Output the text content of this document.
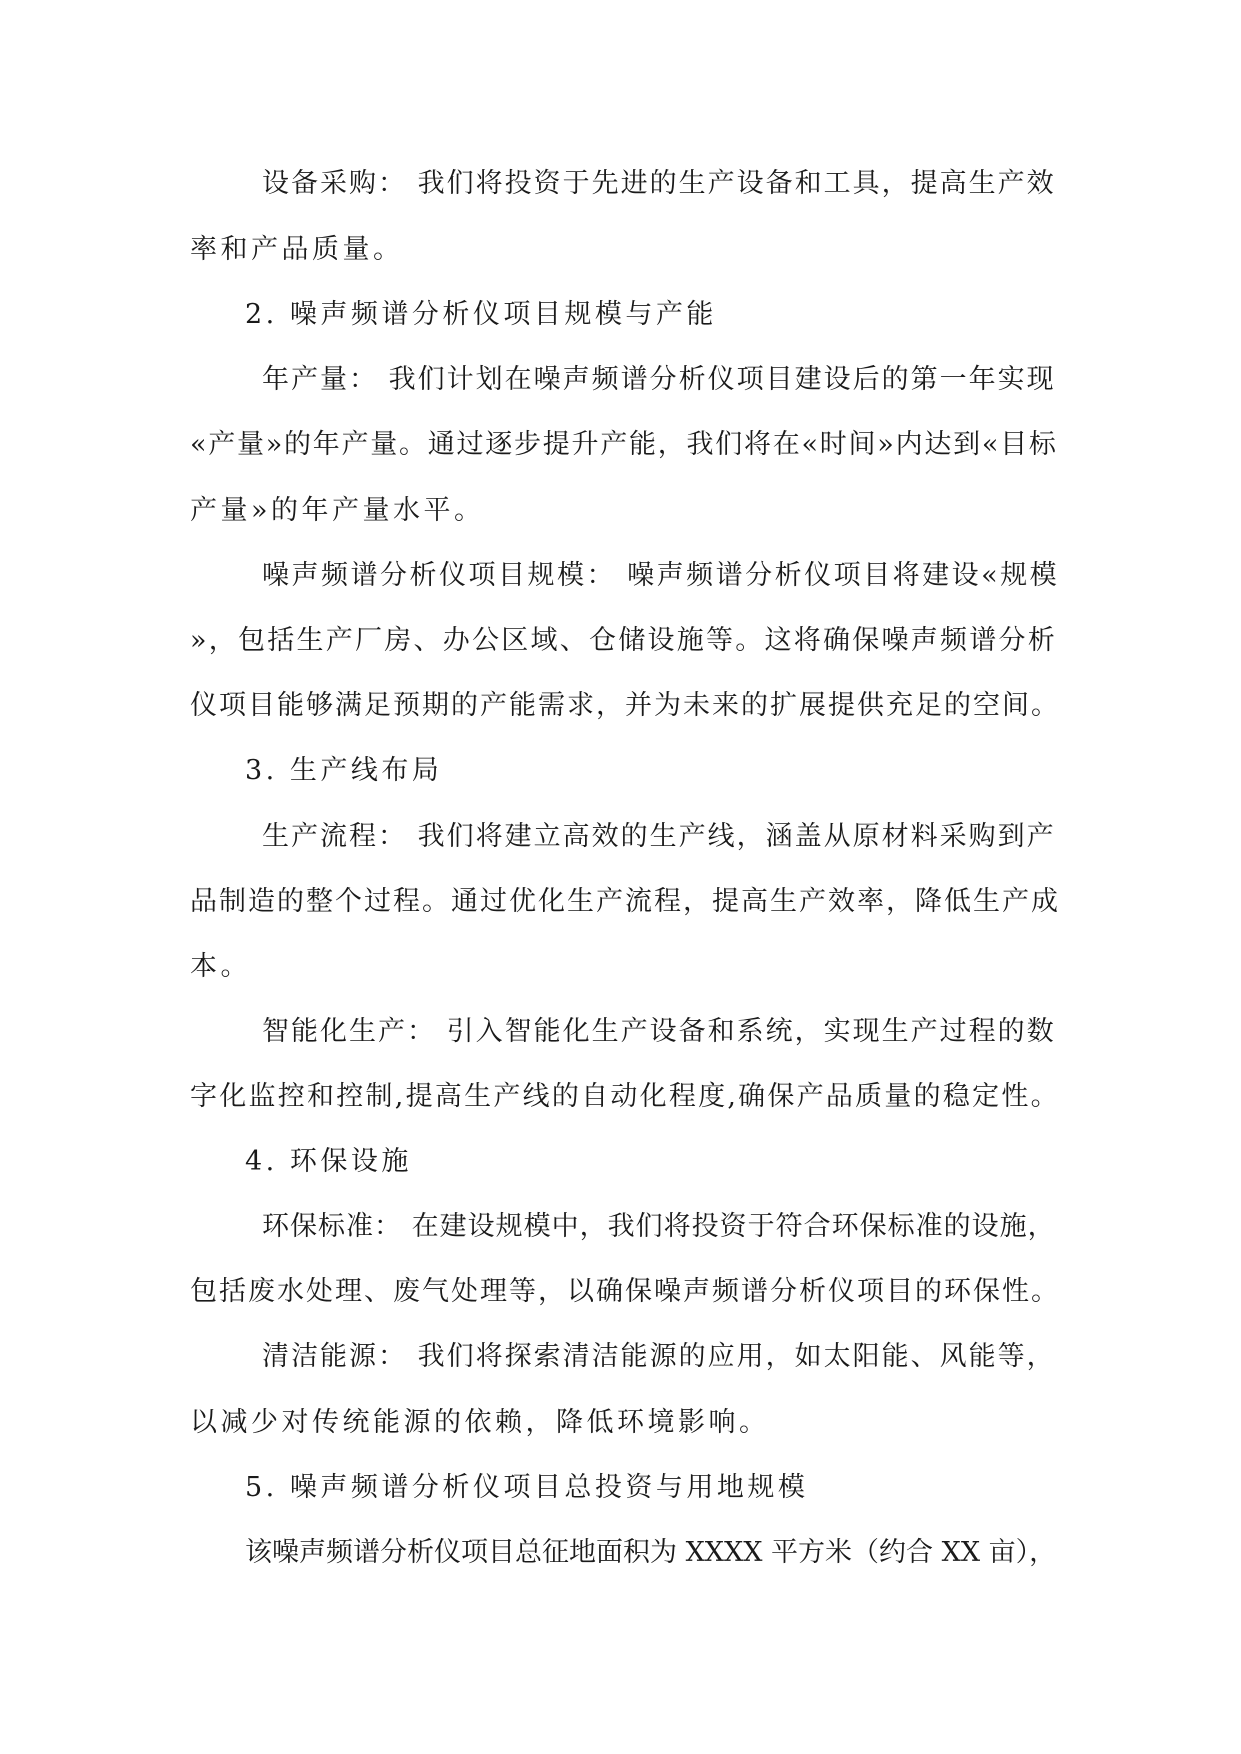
设备采购： 我们将投资于先进的生产设备和工具，提高生产效
率和产品质量。
2. 噪声频谱分析仪项目规模与产能
年产量： 我们计划在噪声频谱分析仪项目建设后的第一年实现
«产量»的年产量。通过逐步提升产能，我们将在«时间»内达到«目标
产量»的年产量水平。
噪声频谱分析仪项目规模： 噪声频谱分析仪项目将建设«规模
»，包括生产厂房、办公区域、仓储设施等。这将确保噪声频谱分析
仪项目能够满足预期的产能需求，并为未来的扩展提供充足的空间。
3. 生产线布局
生产流程： 我们将建立高效的生产线，涵盖从原材料采购到产
品制造的整个过程。通过优化生产流程，提高生产效率，降低生产成
本。
智能化生产： 引入智能化生产设备和系统，实现生产过程的数
字化监控和控制,提高生产线的自动化程度,确保产品质量的稳定性。
4. 环保设施
环保标准： 在建设规模中，我们将投资于符合环保标准的设施，
包括废水处理、废气处理等，以确保噪声频谱分析仪项目的环保性。
清洁能源： 我们将探索清洁能源的应用，如太阳能、风能等，
以减少对传统能源的依赖，降低环境影响。
5. 噪声频谱分析仪项目总投资与用地规模
该噪声频谱分析仪项目总征地面积为 XXXX 平方米（约合 XX 亩），
